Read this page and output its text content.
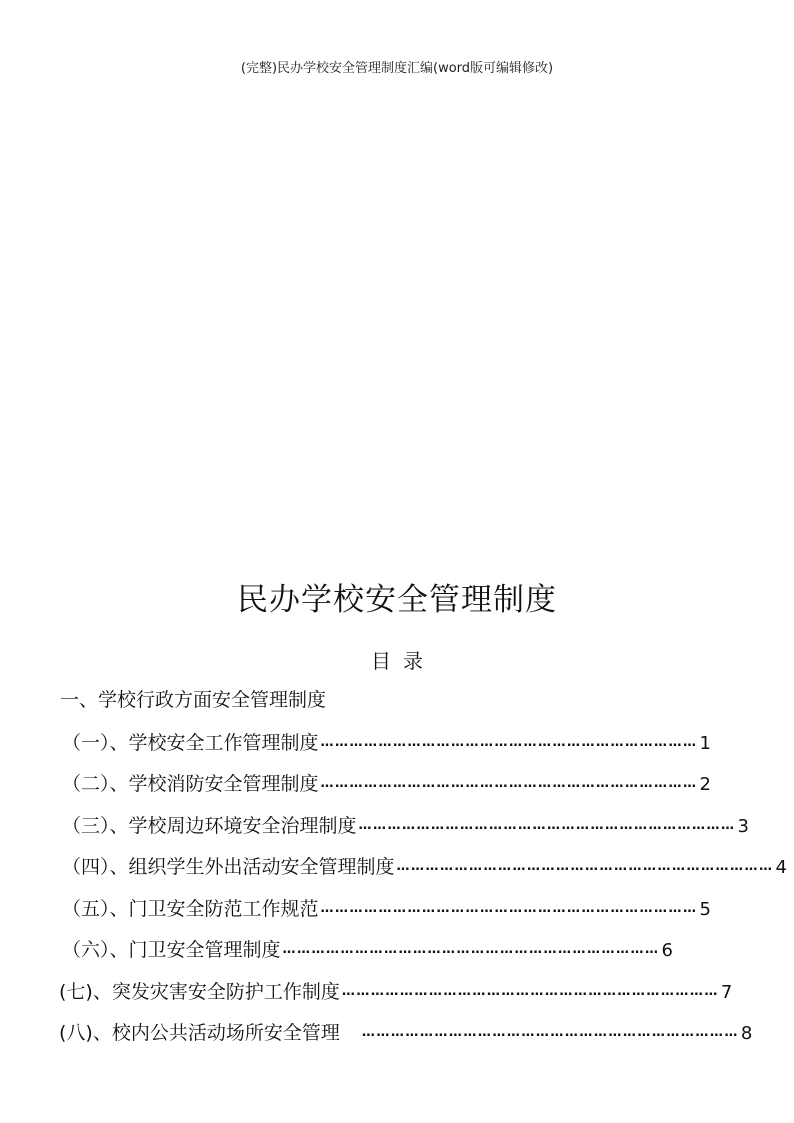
(完整)民办学校安全管理制度汇编(word版可编辑修改)
民办学校安全管理制度
目 录
一、学校行政方面安全管理制度
（一）、学校安全工作管理制度 …………………………………………………………………… 1
（二）、学校消防安全管理制度 …………………………………………………………………… 2
（三）、学校周边环境安全治理制度 …………………………………………………………………… 3
（四）、组织学生外出活动安全管理制度 …………………………………………………………………… 4
（五）、门卫安全防范工作规范 …………………………………………………………………… 5
（六）、门卫安全管理制度 …………………………………………………………………… 6
(七)、突发灾害安全防护工作制度 …………………………………………………………………… 7
(八)、校内公共活动场所安全管理 …………………………………………………………………… 8
